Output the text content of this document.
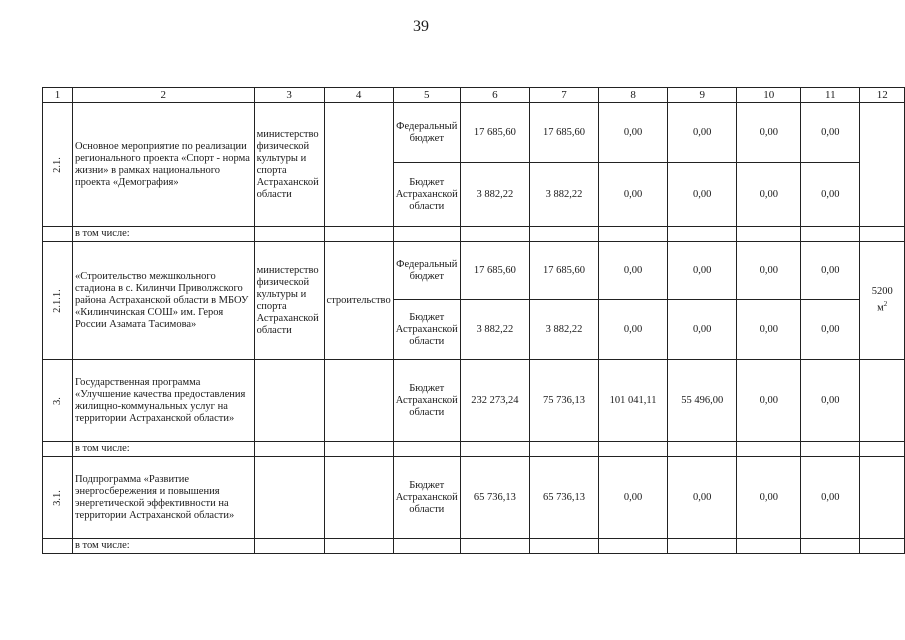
39
1	2	3	4	5	6	7	8	9	10	11	12
2.1.	Основное мероприятие по реализации регионального проекта «Спорт - норма жизни» в рамках национального проекта «Демография»	министерство физической культуры и спорта Астраханской области		Федеральный бюджет	17 685,60	17 685,60	0,00	0,00	0,00	0,00	
				Бюджет Астраханской области	3 882,22	3 882,22	0,00	0,00	0,00	0,00	
	в том числе:										
2.1.1.	«Строительство межшкольного стадиона в с. Килинчи Приволжского района Астраханской области в МБОУ «Килинчинская СОШ» им. Героя России Азамата Тасимова»	министерство физической культуры и спорта Астраханской области	строительство	Федеральный бюджет	17 685,60	17 685,60	0,00	0,00	0,00	0,00	5200
$м^2$
				Бюджет Астраханской области	3 882,22	3 882,22	0,00	0,00	0,00	0,00	
3.	Государственная программа «Улучшение качества предоставления жилищно-коммунальных услуг на территории Астраханской области»			Бюджет Астраханской области	232 273,24	75 736,13	101 041,11	55 496,00	0,00	0,00	
	в том числе:										
3.1.	Подпрограмма «Развитие энергосбережения и повышения энергетической эффективности на территории Астраханской области»			Бюджет Астраханской области	65 736,13	65 736,13	0,00	0,00	0,00	0,00	
	в том числе:										
